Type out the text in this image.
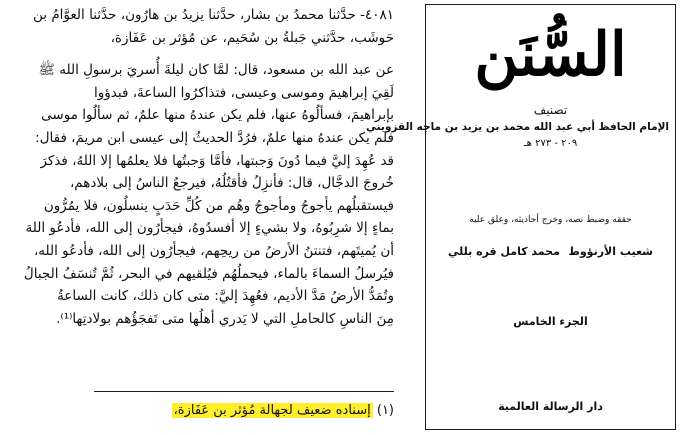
٤٠٨١- حدَّثنا محمدُ بن بشار، حدَّثنا يزيدُ بن هارُون، حدَّثنا العوَّامُ بن

حَوشَب، حدَّثني جَبلةُ بن سُحَيم، عن مُؤثر بن عَفَازة،

عن عبد الله بن مسعود، قال: لمَّا كان ليلةَ أُسريَ برسولِ الله ﷺ

لَقِيَ إبراهيمَ وموسى وعيسى، فتذاكرُوا الساعةَ، فبدؤوا

بإبراهيمَ، فسألُوهُ عنها، فلم يكن عندهُ منها علمٌ، ثم سألُوا موسى

فلم يكن عندهُ منها علمٌ، فرُدَّ الحديثُ إلى عيسى ابن مريمَ، فقال:

قد عُهِدَ إليَّ فيما دُونَ وَجبتها، فأمَّا وَجبتُها فلا يعلمُها إلا اللهُ، فذكرَ

خُروجَ الدجَّال، قال: فأنزِلُ فأقتُلُهُ، فيرجعُ الناسُ إلى بلادهم،

فيستقبلُهم يأجوجُ ومأجوجُ وهُم من كُلِّ حَدَبٍ ينسلُون، فلا يمُرُّون

بماءٍ إلا شرِبُوهُ، ولا بشيءٍ إلا أفسدُوهُ، فيجأرُون إلى الله، فأدعُو اللهَ

أن يُميتَهم، فتنتنُ الأرضُ من ريحِهم، فيجأرُون إلى الله، فأدعُو الله،

فيُرسلُ السماءَ بالماء، فيحملُهُم فيُلقيهم في البحر، ثُمَّ تُنسَفُ الجبالُ

وتُمَدُّ الأرضُ مَدَّ الأديم، فعُهِدَ إليَّ: متى كان ذلك، كانت الساعةُ

مِنَ الناسِ كالحاملِ التي لا يَدري أهلُها متى تَفجَؤُهم بولادتِها⁽¹⁾.

(١) إسناده ضعيف لجهالة مُؤثر بن عَفَازة،
السُّنَن
تصنيف
الإمام الحافظ أبي عبد الله محمد بن يزيد بن ماجه القزويني
٢٠٩ - ٢٧٣ هـ
حققه وضبط نصه، وخرج أحاديثه، وعلق عليه
شعيب الأرنؤوط
محمد كامل قره بللي
الجزء الخامس
دار الرسالة العالمية
